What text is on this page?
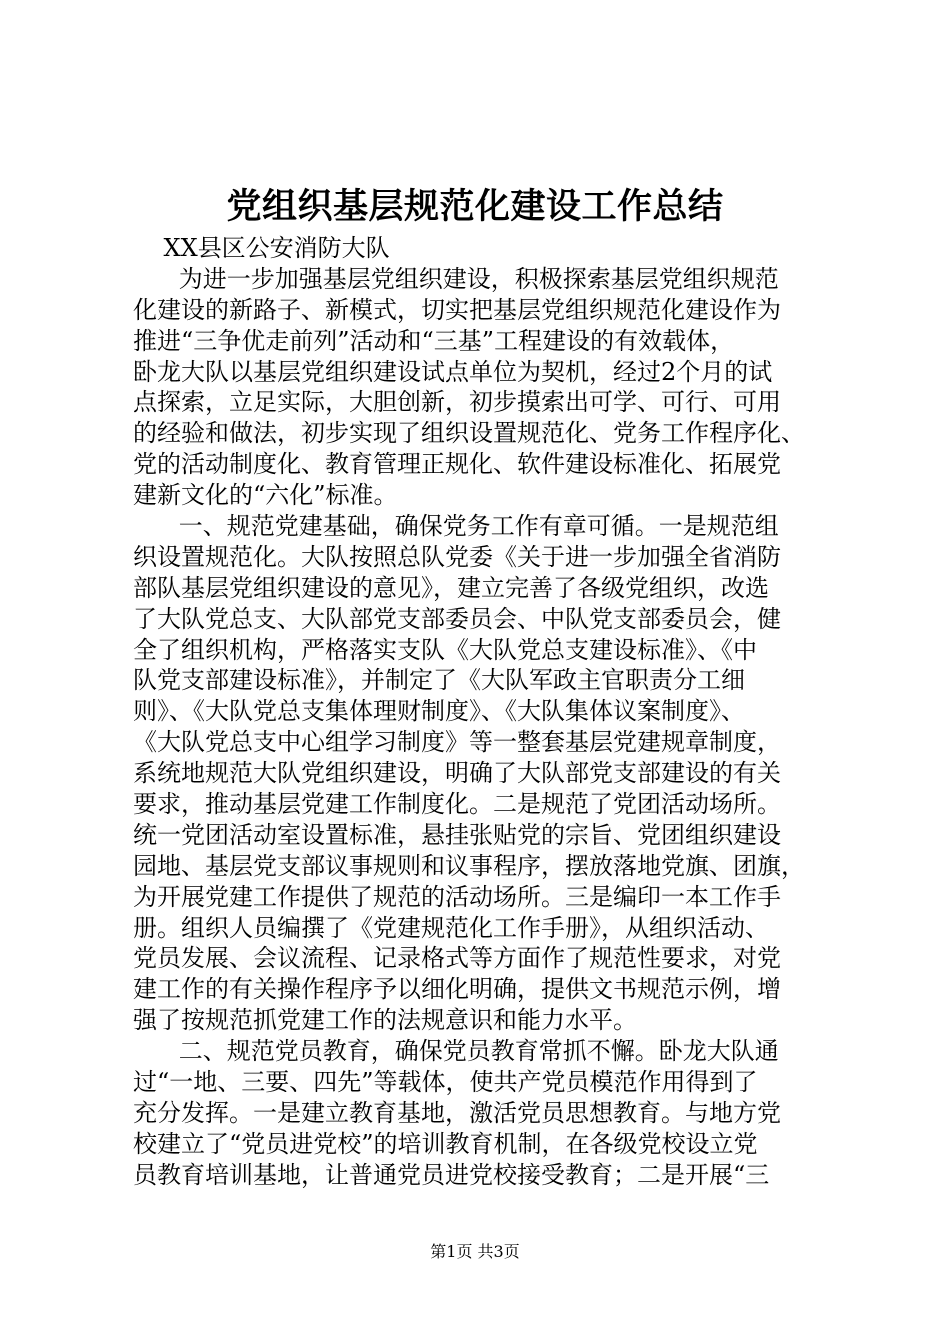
党组织基层规范化建设工作总结
XX县区公安消防大队
为进一步加强基层党组织建设，积极探索基层党组织规范
化建设的新路子、新模式，切实把基层党组织规范化建设作为
推进“三争优走前列”活动和“三基”工程建设的有效载体，
卧龙大队以基层党组织建设试点单位为契机，经过2个月的试
点探索，立足实际，大胆创新，初步摸索出可学、可行、可用
的经验和做法，初步实现了组织设置规范化、党务工作程序化、
党的活动制度化、教育管理正规化、软件建设标准化、拓展党
建新文化的“六化”标准。
一、规范党建基础，确保党务工作有章可循。一是规范组
织设置规范化。大队按照总队党委《关于进一步加强全省消防
部队基层党组织建设的意见》，建立完善了各级党组织，改选
了大队党总支、大队部党支部委员会、中队党支部委员会，健
全了组织机构，严格落实支队《大队党总支建设标准》、《中
队党支部建设标准》，并制定了《大队军政主官职责分工细
则》、《大队党总支集体理财制度》、《大队集体议案制度》、
《大队党总支中心组学习制度》等一整套基层党建规章制度，
系统地规范大队党组织建设，明确了大队部党支部建设的有关
要求，推动基层党建工作制度化。二是规范了党团活动场所。
统一党团活动室设置标准，悬挂张贴党的宗旨、党团组织建设
园地、基层党支部议事规则和议事程序，摆放落地党旗、团旗，
为开展党建工作提供了规范的活动场所。三是编印一本工作手
册。组织人员编撰了《党建规范化工作手册》，从组织活动、
党员发展、会议流程、记录格式等方面作了规范性要求，对党
建工作的有关操作程序予以细化明确，提供文书规范示例，增
强了按规范抓党建工作的法规意识和能力水平。
二、规范党员教育，确保党员教育常抓不懈。卧龙大队通
过“一地、三要、四先”等载体，使共产党员模范作用得到了
充分发挥。一是建立教育基地，激活党员思想教育。与地方党
校建立了“党员进党校”的培训教育机制，在各级党校设立党
员教育培训基地，让普通党员进党校接受教育；二是开展“三
第1页 共3页
